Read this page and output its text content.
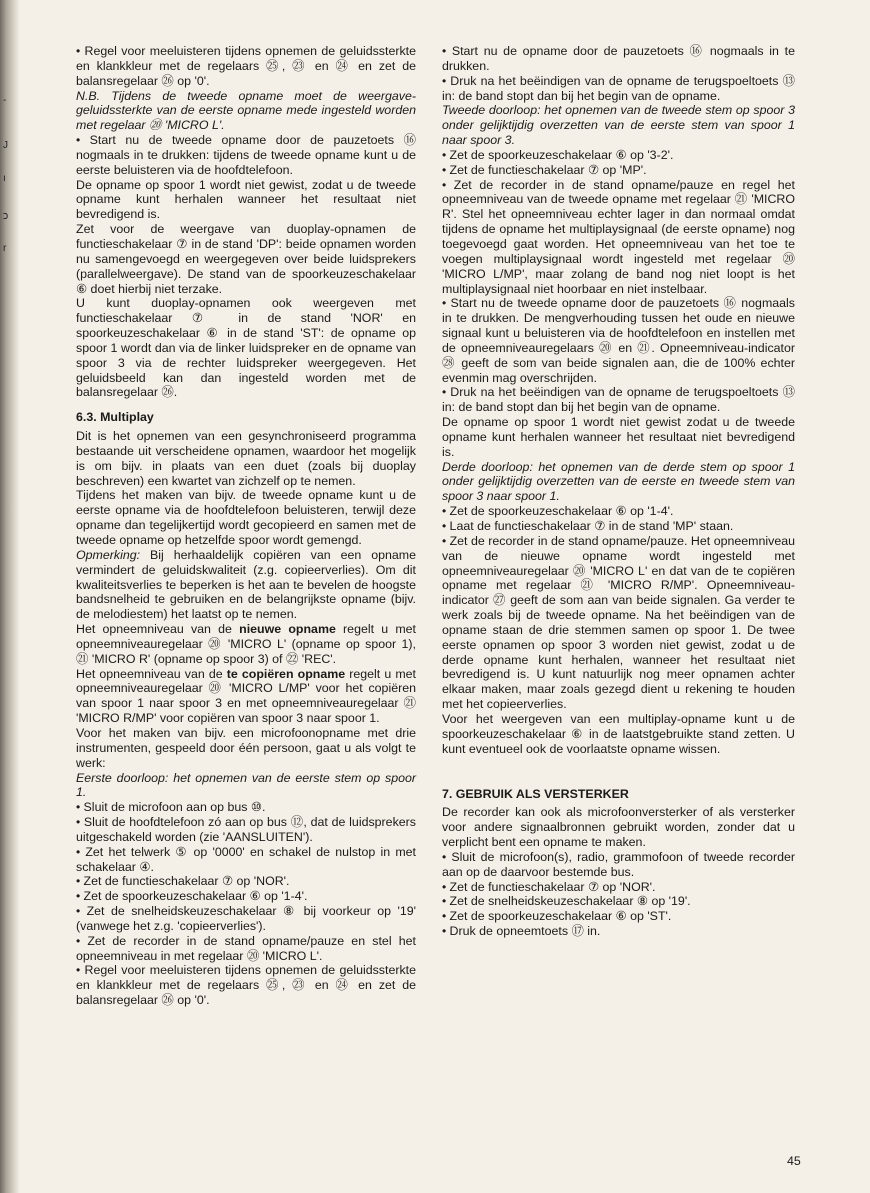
-
J
ı
כ
r

• Regel voor meeluisteren tijdens opnemen de geluidssterkte en klankkleur met de regelaars ㉕, ㉓ en ㉔ en zet de balansregelaar ㉖ op '0'.

N.B. Tijdens de tweede opname moet de weergave- geluidssterkte van de eerste opname mede ingesteld worden met regelaar ⑳ 'MICRO L'.

• Start nu de tweede opname door de pauzetoets ⑯ nogmaals in te drukken: tijdens de tweede opname kunt u de eerste beluisteren via de hoofdtelefoon.

De opname op spoor 1 wordt niet gewist, zodat u de tweede opname kunt herhalen wanneer het resultaat niet bevredigend is.

Zet voor de weergave van duoplay-opnamen de functieschakelaar ⑦ in de stand 'DP': beide opnamen worden nu samengevoegd en weergegeven over beide luidsprekers (parallelweergave). De stand van de spoorkeuzeschakelaar ⑥ doet hierbij niet terzake.

U kunt duoplay-opnamen ook weergeven met functieschakelaar ⑦ in de stand 'NOR' en spoorkeuzeschakelaar ⑥ in de stand 'ST': de opname op spoor 1 wordt dan via de linker luidspreker en de opname van spoor 3 via de rechter luidspreker weergegeven. Het geluidsbeeld kan dan ingesteld worden met de balansregelaar ㉖.

6.3. Multiplay

Dit is het opnemen van een gesynchroniseerd programma bestaande uit verscheidene opnamen, waardoor het mogelijk is om bijv. in plaats van een duet (zoals bij duoplay beschreven) een kwartet van zichzelf op te nemen.

Tijdens het maken van bijv. de tweede opname kunt u de eerste opname via de hoofdtelefoon beluisteren, terwijl deze opname dan tegelijkertijd wordt gecopieerd en samen met de tweede opname op hetzelfde spoor wordt gemengd.

Opmerking: Bij herhaaldelijk copiëren van een opname vermindert de geluidskwaliteit (z.g. copieerverlies). Om dit kwaliteitsverlies te beperken is het aan te bevelen de hoogste bandsnelheid te gebruiken en de belangrijkste opname (bijv. de melodiestem) het laatst op te nemen.

Het opneemniveau van de nieuwe opname regelt u met opneemniveauregelaar ⑳ 'MICRO L' (opname op spoor 1), ㉑ 'MICRO R' (opname op spoor 3) of ㉒ 'REC'.

Het opneemniveau van de te copiëren opname regelt u met opneemniveauregelaar ⑳ 'MICRO L/MP' voor het copiëren van spoor 1 naar spoor 3 en met opneemniveauregelaar ㉑ 'MICRO R/MP' voor copiëren van spoor 3 naar spoor 1.

Voor het maken van bijv. een microfoonopname met drie instrumenten, gespeeld door één persoon, gaat u als volgt te werk:

Eerste doorloop: het opnemen van de eerste stem op spoor 1.

• Sluit de microfoon aan op bus ⑩.

• Sluit de hoofdtelefoon zó aan op bus ⑫, dat de luidsprekers uitgeschakeld worden (zie 'AANSLUITEN').

• Zet het telwerk ⑤ op '0000' en schakel de nulstop in met schakelaar ④.

• Zet de functieschakelaar ⑦ op 'NOR'.

• Zet de spoorkeuzeschakelaar ⑥ op '1-4'.

• Zet de snelheidskeuzeschakelaar ⑧ bij voorkeur op '19' (vanwege het z.g. 'copieerverlies').

• Zet de recorder in de stand opname/pauze en stel het opneemniveau in met regelaar ⑳ 'MICRO L'.

• Regel voor meeluisteren tijdens opnemen de geluidssterkte en klankkleur met de regelaars ㉕, ㉓ en ㉔ en zet de balansregelaar ㉖ op '0'.

• Start nu de opname door de pauzetoets ⑯ nogmaals in te drukken.

• Druk na het beëindigen van de opname de terugspoeltoets ⑬ in: de band stopt dan bij het begin van de opname.

Tweede doorloop: het opnemen van de tweede stem op spoor 3 onder gelijktijdig overzetten van de eerste stem van spoor 1 naar spoor 3.

• Zet de spoorkeuzeschakelaar ⑥ op '3-2'.

• Zet de functieschakelaar ⑦ op 'MP'.

• Zet de recorder in de stand opname/pauze en regel het opneemniveau van de tweede opname met regelaar ㉑ 'MICRO R'. Stel het opneemniveau echter lager in dan normaal omdat tijdens de opname het multiplaysignaal (de eerste opname) nog toegevoegd gaat worden. Het opneemniveau van het toe te voegen multiplaysignaal wordt ingesteld met regelaar ⑳ 'MICRO L/MP', maar zolang de band nog niet loopt is het multiplaysignaal niet hoorbaar en niet instelbaar.

• Start nu de tweede opname door de pauzetoets ⑯ nogmaals in te drukken. De mengverhouding tussen het oude en nieuwe signaal kunt u beluisteren via de hoofdtelefoon en instellen met de opneemniveauregelaars ⑳ en ㉑. Opneemniveau-indicator ㉘ geeft de som van beide signalen aan, die de 100% echter evenmin mag overschrijden.

• Druk na het beëindigen van de opname de terugspoeltoets ⑬ in: de band stopt dan bij het begin van de opname.

De opname op spoor 1 wordt niet gewist zodat u de tweede opname kunt herhalen wanneer het resultaat niet bevredigend is.

Derde doorloop: het opnemen van de derde stem op spoor 1 onder gelijktijdig overzetten van de eerste en tweede stem van spoor 3 naar spoor 1.

• Zet de spoorkeuzeschakelaar ⑥ op '1-4'.

• Laat de functieschakelaar ⑦ in de stand 'MP' staan.

• Zet de recorder in de stand opname/pauze. Het opneemniveau van de nieuwe opname wordt ingesteld met opneemniveauregelaar ⑳ 'MICRO L' en dat van de te copiëren opname met regelaar ㉑ 'MICRO R/MP'. Opneemniveau-indicator ㉗ geeft de som aan van beide signalen. Ga verder te werk zoals bij de tweede opname. Na het beëindigen van de opname staan de drie stemmen samen op spoor 1. De twee eerste opnamen op spoor 3 worden niet gewist, zodat u de derde opname kunt herhalen, wanneer het resultaat niet bevredigend is. U kunt natuurlijk nog meer opnamen achter elkaar maken, maar zoals gezegd dient u rekening te houden met het copieerverlies.

Voor het weergeven van een multiplay-opname kunt u de spoorkeuzeschakelaar ⑥ in de laatstgebruikte stand zetten. U kunt eventueel ook de voorlaatste opname wissen.

7. GEBRUIK ALS VERSTERKER

De recorder kan ook als microfoonversterker of als versterker voor andere signaalbronnen gebruikt worden, zonder dat u verplicht bent een opname te maken.

• Sluit de microfoon(s), radio, grammofoon of tweede recorder aan op de daarvoor bestemde bus.

• Zet de functieschakelaar ⑦ op 'NOR'.

• Zet de snelheidskeuzeschakelaar ⑧ op '19'.

• Zet de spoorkeuzeschakelaar ⑥ op 'ST'.

• Druk de opneemtoets ⑰ in.

45
